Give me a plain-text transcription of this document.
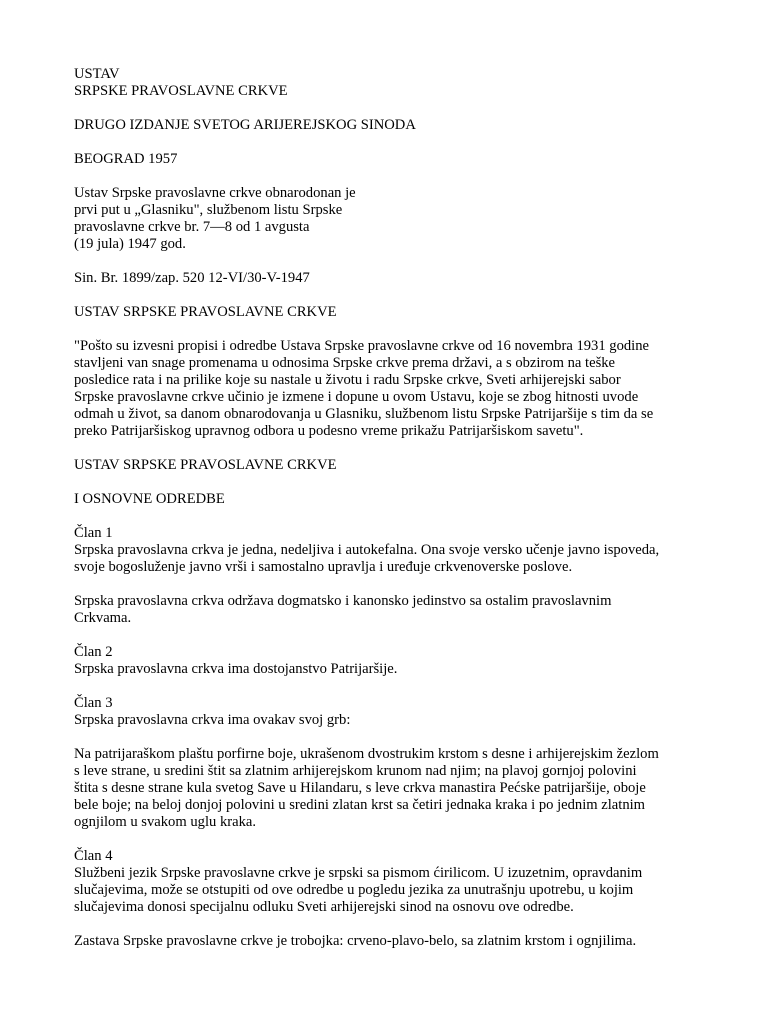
USTAV
SRPSKE PRAVOSLAVNE CRKVE
DRUGO IZDANJE SVETOG ARIJEREJSKOG SINODA
BEOGRAD 1957
Ustav Srpske pravoslavne crkve obnarodonan je
prvi put u „Glasniku", službenom listu Srpske
pravoslavne crkve br. 7—8 od 1 avgusta
(19 jula) 1947 god.
Sin. Br. 1899/zap. 520 12-VI/30-V-1947
USTAV SRPSKE PRAVOSLAVNE CRKVE
"Pošto su izvesni propisi i odredbe Ustava Srpske pravoslavne crkve od 16 novembra 1931 godine
stavljeni van snage promenama u odnosima Srpske crkve prema državi, a s obzirom na teške
posledice rata i na prilike koje su nastale u životu i radu Srpske crkve, Sveti arhijerejski sabor
Srpske pravoslavne crkve učinio je izmene i dopune u ovom Ustavu, koje se zbog hitnosti uvode
odmah u život, sa danom obnarodovanja u Glasniku, službenom listu Srpske Patrijaršije s tim da se
preko Patrijaršiskog upravnog odbora u podesno vreme prikažu Patrijaršiskom savetu".
USTAV SRPSKE PRAVOSLAVNE CRKVE
I OSNOVNE ODREDBE
Član 1
Srpska pravoslavna crkva je jedna, nedeljiva i autokefalna. Ona svoje versko učenje javno ispoveda,
svoje bogosluženje javno vrši i samostalno upravlja i uređuje crkvenoverske poslove.
Srpska pravoslavna crkva održava dogmatsko i kanonsko jedinstvo sa ostalim pravoslavnim
Crkvama.
Član 2
Srpska pravoslavna crkva ima dostojanstvo Patrijaršije.
Član 3
Srpska pravoslavna crkva ima ovakav svoj grb:
Na patrijaraškom plaštu porfirne boje, ukrašenom dvostrukim krstom s desne i arhijerejskim žezlom
s leve strane, u sredini štit sa zlatnim arhijerejskom krunom nad njim; na plavoj gornjoj polovini
štita s desne strane kula svetog Save u Hilandaru, s leve crkva manastira Pećske patrijaršije, oboje
bele boje; na beloj donjoj polovini u sredini zlatan krst sa četiri jednaka kraka i po jednim zlatnim
ognjilom u svakom uglu kraka.
Član 4
Službeni jezik Srpske pravoslavne crkve je srpski sa pismom ćirilicom. U izuzetnim, opravdanim
slučajevima, može se otstupiti od ove odredbe u pogledu jezika za unutrašnju upotrebu, u kojim
slučajevima donosi specijalnu odluku Sveti arhijerejski sinod na osnovu ove odredbe.
Zastava Srpske pravoslavne crkve je trobojka: crveno-plavo-belo, sa zlatnim krstom i ognjilima.
